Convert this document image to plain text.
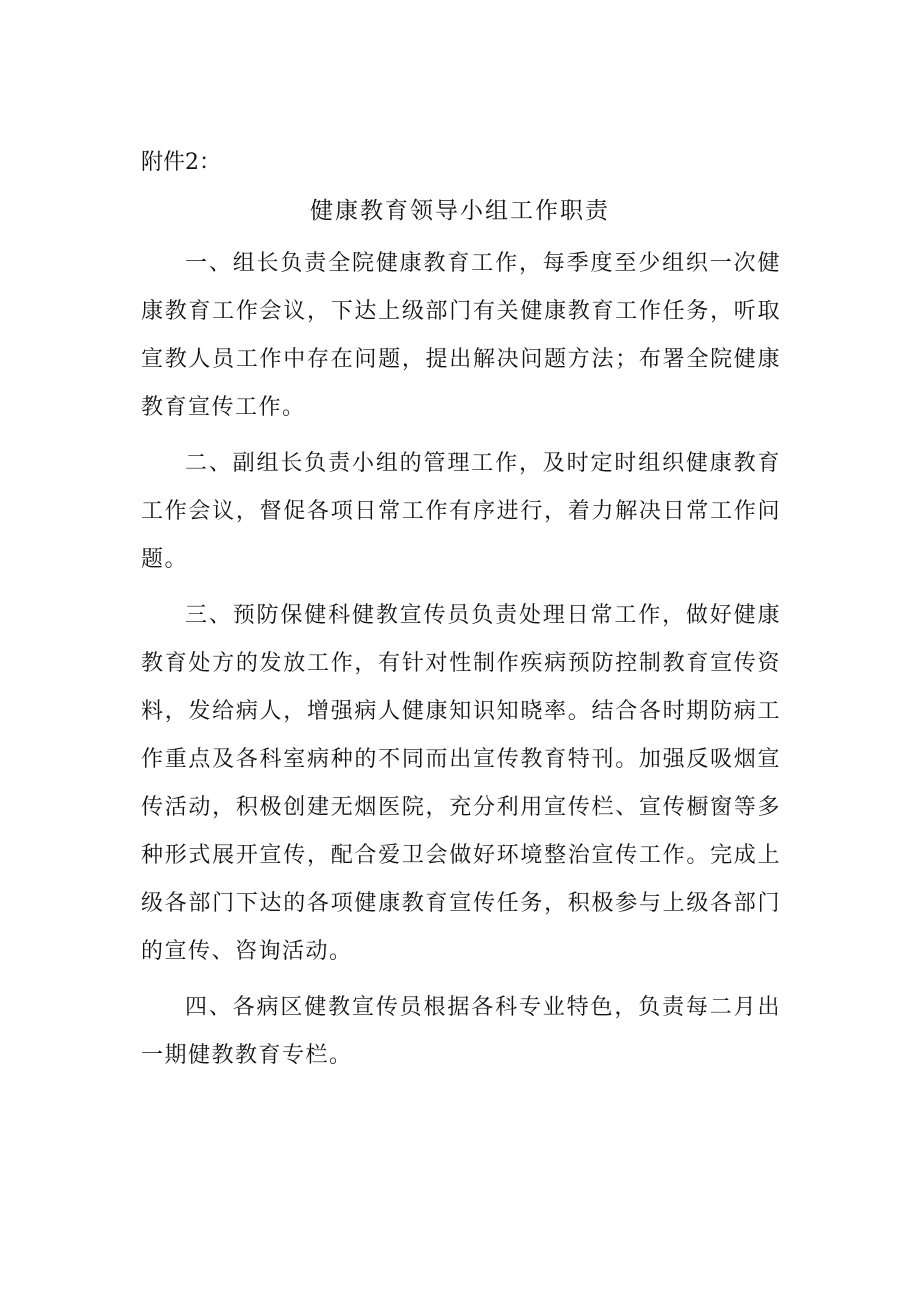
附件2：
健康教育领导小组工作职责

一、组长负责全院健康教育工作，每季度至少组织一次健康教育工作会议，下达上级部门有关健康教育工作任务，听取宣教人员工作中存在问题，提出解决问题方法；布署全院健康教育宣传工作。

二、副组长负责小组的管理工作，及时定时组织健康教育工作会议，督促各项日常工作有序进行，着力解决日常工作问题。

三、预防保健科健教宣传员负责处理日常工作，做好健康教育处方的发放工作，有针对性制作疾病预防控制教育宣传资料，发给病人，增强病人健康知识知晓率。结合各时期防病工作重点及各科室病种的不同而出宣传教育特刊。加强反吸烟宣传活动，积极创建无烟医院，充分利用宣传栏、宣传橱窗等多种形式展开宣传，配合爱卫会做好环境整治宣传工作。完成上级各部门下达的各项健康教育宣传任务，积极参与上级各部门的宣传、咨询活动。

四、各病区健教宣传员根据各科专业特色，负责每二月出一期健教教育专栏。
